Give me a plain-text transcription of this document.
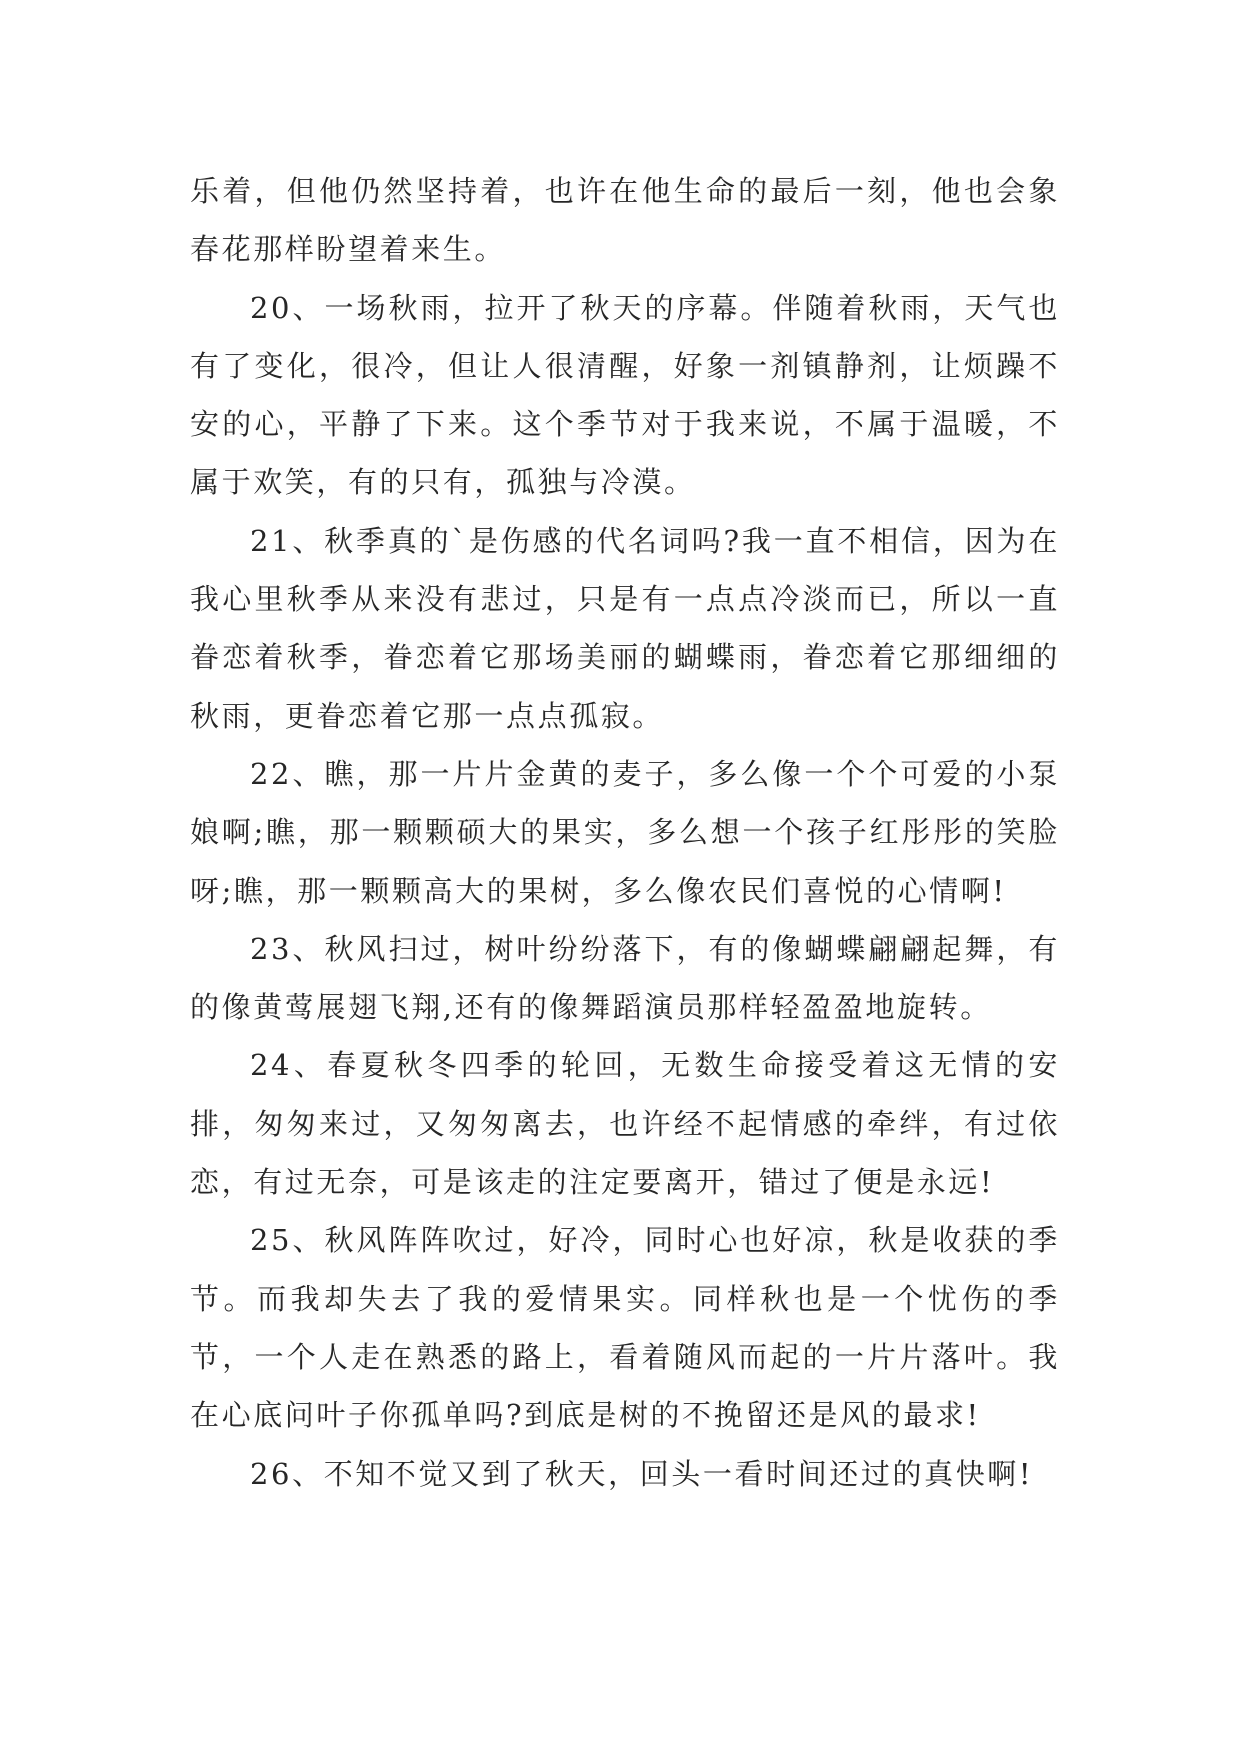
乐着，但他仍然坚持着，也许在他生命的最后一刻，他也会象春花那样盼望着来生。

20、一场秋雨，拉开了秋天的序幕。伴随着秋雨，天气也有了变化，很冷，但让人很清醒，好象一剂镇静剂，让烦躁不安的心，平静了下来。这个季节对于我来说，不属于温暖，不属于欢笑，有的只有，孤独与冷漠。

21、秋季真的`是伤感的代名词吗?我一直不相信，因为在我心里秋季从来没有悲过，只是有一点点冷淡而已，所以一直眷恋着秋季，眷恋着它那场美丽的蝴蝶雨，眷恋着它那细细的秋雨，更眷恋着它那一点点孤寂。

22、瞧，那一片片金黄的麦子，多么像一个个可爱的小泵娘啊;瞧，那一颗颗硕大的果实，多么想一个孩子红彤彤的笑脸呀;瞧，那一颗颗高大的果树，多么像农民们喜悦的心情啊!

23、秋风扫过，树叶纷纷落下，有的像蝴蝶翩翩起舞，有的像黄莺展翅飞翔,还有的像舞蹈演员那样轻盈盈地旋转。

24、春夏秋冬四季的轮回，无数生命接受着这无情的安排，匆匆来过，又匆匆离去，也许经不起情感的牵绊，有过依恋，有过无奈，可是该走的注定要离开，错过了便是永远!

25、秋风阵阵吹过，好冷，同时心也好凉，秋是收获的季节。而我却失去了我的爱情果实。同样秋也是一个忧伤的季节，一个人走在熟悉的路上，看着随风而起的一片片落叶。我在心底问叶子你孤单吗?到底是树的不挽留还是风的最求!

26、不知不觉又到了秋天，回头一看时间还过的真快啊!
